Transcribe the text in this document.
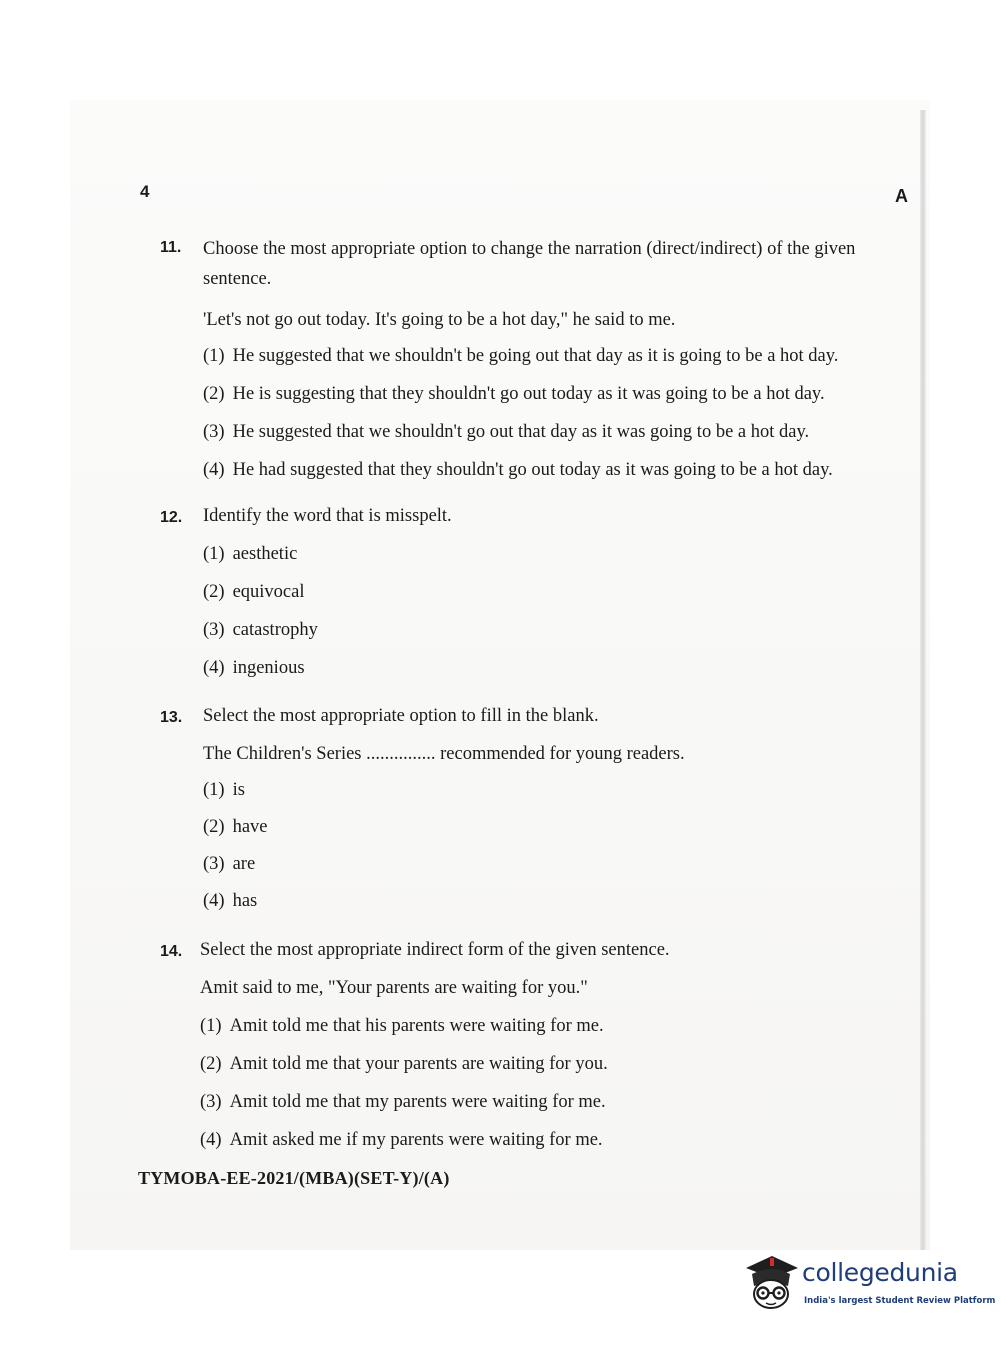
4	A
11. Choose the most appropriate option to change the narration (direct/indirect) of the given sentence.
'Let's not go out today. It's going to be a hot day," he said to me.
(1) He suggested that we shouldn't be going out that day as it is going to be a hot day.
(2) He is suggesting that they shouldn't go out today as it was going to be a hot day.
(3) He suggested that we shouldn't go out that day as it was going to be a hot day.
(4) He had suggested that they shouldn't go out today as it was going to be a hot day.
12. Identify the word that is misspelt.
(1) aesthetic
(2) equivocal
(3) catastrophy
(4) ingenious
13. Select the most appropriate option to fill in the blank.
The Children's Series ............... recommended for young readers.
(1) is
(2) have
(3) are
(4) has
14. Select the most appropriate indirect form of the given sentence.
Amit said to me, "Your parents are waiting for you."
(1) Amit told me that his parents were waiting for me.
(2) Amit told me that your parents are waiting for you.
(3) Amit told me that my parents were waiting for me.
(4) Amit asked me if my parents were waiting for me.
TYMOBA-EE-2021/(MBA)(SET-Y)/(A)
collegedunia
India's largest Student Review Platform
